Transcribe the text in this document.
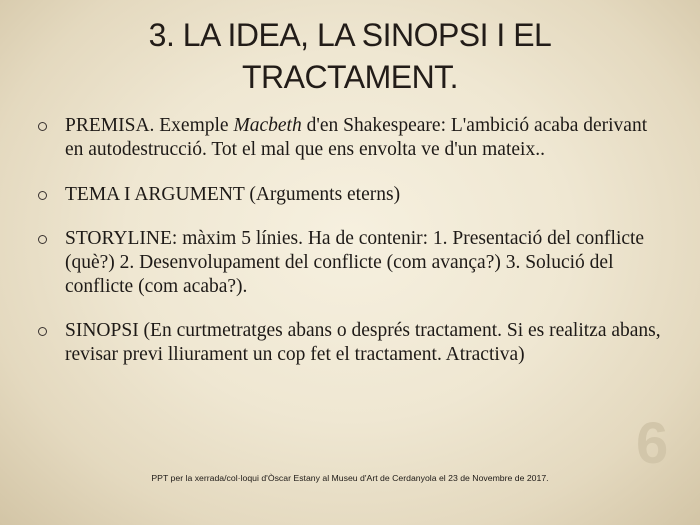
3. LA IDEA, LA SINOPSI I EL
TRACTAMENT.
PREMISA. Exemple Macbeth d'en Shakespeare: L'ambició acaba derivant en autodestrucció. Tot el mal que ens envolta ve d'un mateix..
TEMA I ARGUMENT (Arguments eterns)
STORYLINE: màxim 5 línies. Ha de contenir: 1. Presentació del conflicte (què?) 2. Desenvolupament del conflicte (com avança?) 3. Solució del conflicte (com acaba?).
SINOPSI (En curtmetratges abans o després tractament. Si es realitza abans, revisar previ lliurament un cop fet el tractament. Atractiva)
6
PPT per la xerrada/col·loqui d'Òscar Estany al Museu d'Art de Cerdanyola el 23 de Novembre de 2017.
